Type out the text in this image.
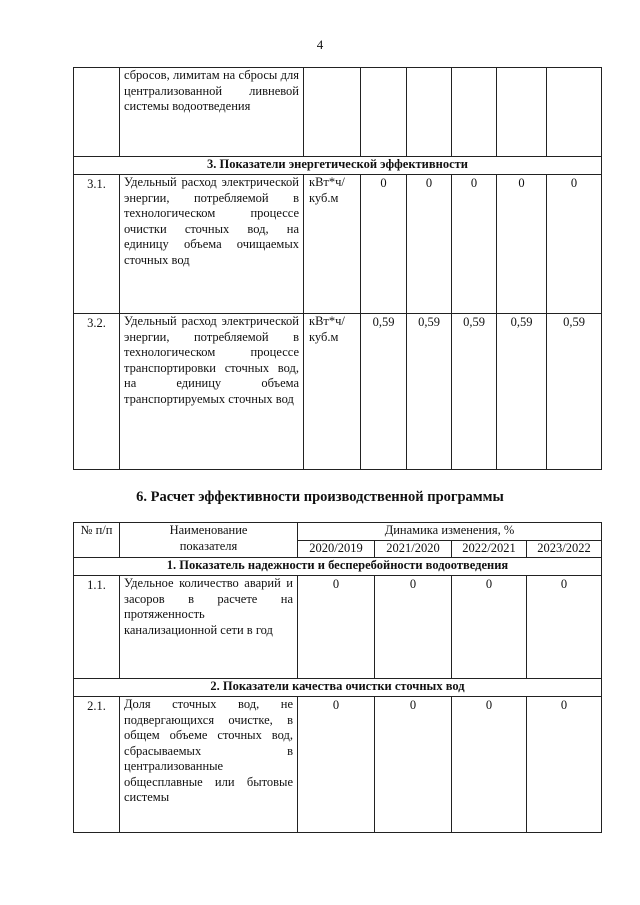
4
	сбросов, лимитам на сбросы для централизованной ливневой системы водоотведения						
3. Показатели энергетической эффективности							
3.1.	Удельный расход электрической энергии, потребляемой в технологическом процессе очистки сточных вод, на единицу объема очищаемых сточных вод	кВт*ч/ куб.м	0	0	0	0	0
3.2.	Удельный расход электрической энергии, потребляемой в технологическом процессе транспортировки сточных вод, на единицу объема транспортируемых сточных вод	кВт*ч/ куб.м	0,59	0,59	0,59	0,59	0,59
6. Расчет эффективности производственной программы
№ п/п	Наименование показателя	Динамика изменения, %			
		2020/2019	2021/2020	2022/2021	2023/2022
1. Показатель надежности и бесперебойности водоотведения					
1.1.	Удельное количество аварий и засоров в расчете на протяженность канализационной сети в год	0	0	0	0
2. Показатели качества очистки сточных вод					
2.1.	Доля сточных вод, не подвергающихся очистке, в общем объеме сточных вод, сбрасываемых в централизованные общесплавные или бытовые системы	0	0	0	0
